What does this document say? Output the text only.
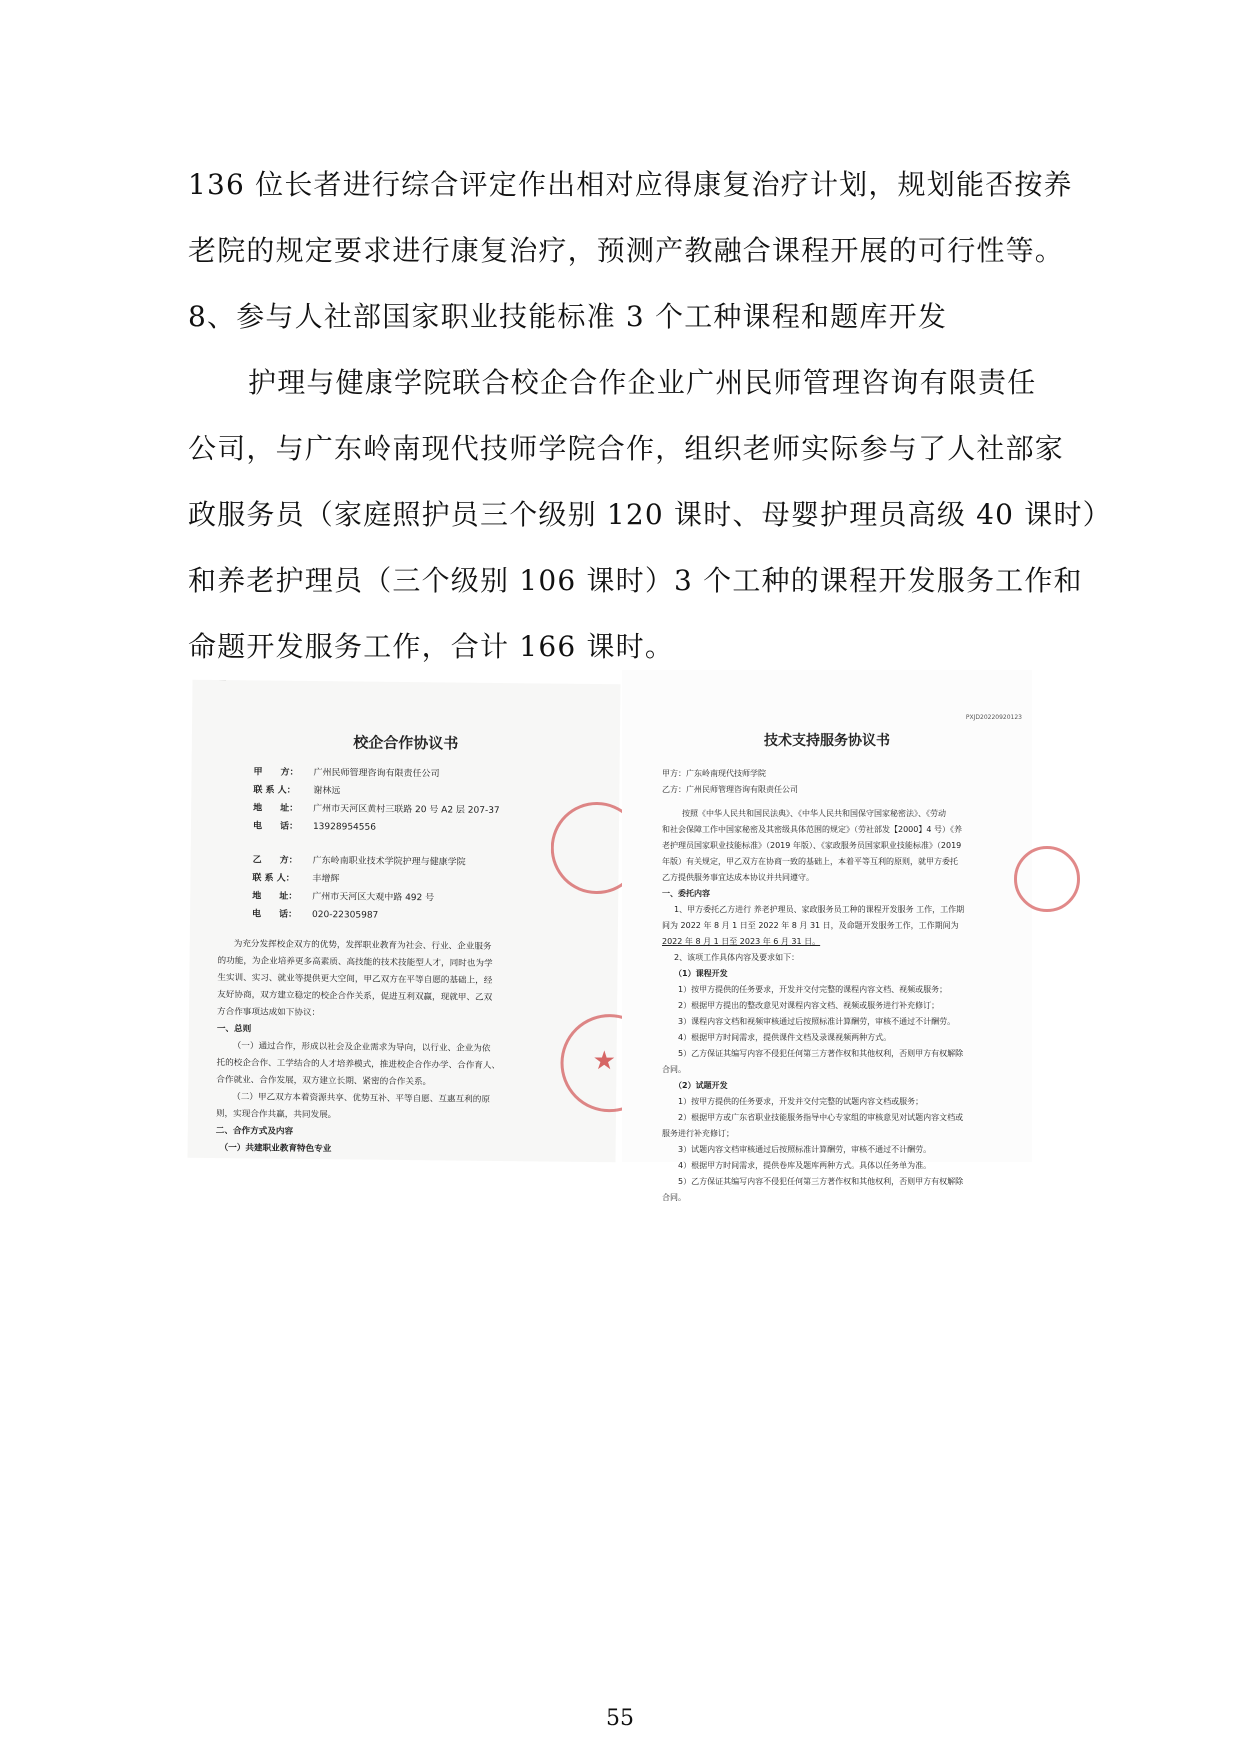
136 位长者进行综合评定作出相对应得康复治疗计划，规划能否按养

老院的规定要求进行康复治疗，预测产教融合课程开展的可行性等。

8、参与人社部国家职业技能标准 3 个工种课程和题库开发

护理与健康学院联合校企合作企业广州民师管理咨询有限责任

公司，与广东岭南现代技师学院合作，组织老师实际参与了人社部家

政服务员（家庭照护员三个级别 120 课时、母婴护理员高级 40 课时）

和养老护理员（三个级别 106 课时）3 个工种的课程开发服务工作和

命题开发服务工作，合计 166 课时。

校企合作协议书

甲　　方： 广州民师管理咨询有限责任公司
联 系 人： 谢林远
地　　址： 广州市天河区黄村三联路 20 号 A2 层 207-37
电　　话： 13928954556
乙　　方： 广东岭南职业技术学院护理与健康学院
联 系 人： 丰增辉
地　　址： 广州市天河区大观中路 492 号
电　　话： 020-22305987
为充分发挥校企双方的优势，发挥职业教育为社会、行业、企业服务
的功能，为企业培养更多高素质、高技能的技术技能型人才，同时也为学
生实训、实习、就业等提供更大空间，甲乙双方在平等自愿的基础上，经
友好协商，双方建立稳定的校企合作关系，促进互利双赢，现就甲、乙双
方合作事项达成如下协议：
一、总则
（一）通过合作，形成以社会及企业需求为导向，以行业、企业为依
托的校企合作、工学结合的人才培养模式，推进校企合作办学、合作育人、
合作就业、合作发展，双方建立长期、紧密的合作关系。
（二）甲乙双方本着资源共享、优势互补、平等自愿、互惠互利的原
则，实现合作共赢，共同发展。
二、合作方式及内容
（一）共建职业教育特色专业
★
PXJD20220920123

技术支持服务协议书

甲方：广东岭南现代技师学院
乙方：广州民师管理咨询有限责任公司
按照《中华人民共和国民法典》、《中华人民共和国保守国家秘密法》、《劳动
和社会保障工作中国家秘密及其密级具体范围的规定》（劳社部发【2000】4 号）《养
老护理员国家职业技能标准》（2019 年版）、《家政服务员国家职业技能标准》（2019
年版）有关规定，甲乙双方在协商一致的基础上，本着平等互利的原则，就甲方委托
乙方提供服务事宜达成本协议并共同遵守。
一、委托内容
1、甲方委托乙方进行 养老护理员、家政服务员工种的课程开发服务 工作，工作期
间为 2022 年 8 月 1 日至 2022 年 8 月 31 日，及命题开发服务工作，工作期间为
2022 年 8 月 1 日至 2023 年 6 月 31 日。
2、该项工作具体内容及要求如下：
（1）课程开发
1）按甲方提供的任务要求，开发并交付完整的课程内容文档、视频或服务；
2）根据甲方提出的整改意见对课程内容文档、视频或服务进行补充修订；
3）课程内容文档和视频审核通过后按照标准计算酬劳，审核不通过不计酬劳。
4）根据甲方时间需求，提供课件文档及录课视频两种方式。
5）乙方保证其编写内容不侵犯任何第三方著作权和其他权利，否则甲方有权解除
合同。
（2）试题开发
1）按甲方提供的任务要求，开发并交付完整的试题内容文档或服务；
2）根据甲方或广东省职业技能服务指导中心专家组的审核意见对试题内容文档或
服务进行补充修订；
3）试题内容文档审核通过后按照标准计算酬劳，审核不通过不计酬劳。
4）根据甲方时间需求，提供卷库及题库两种方式。具体以任务单为准。
5）乙方保证其编写内容不侵犯任何第三方著作权和其他权利，否则甲方有权解除
合同。
55
